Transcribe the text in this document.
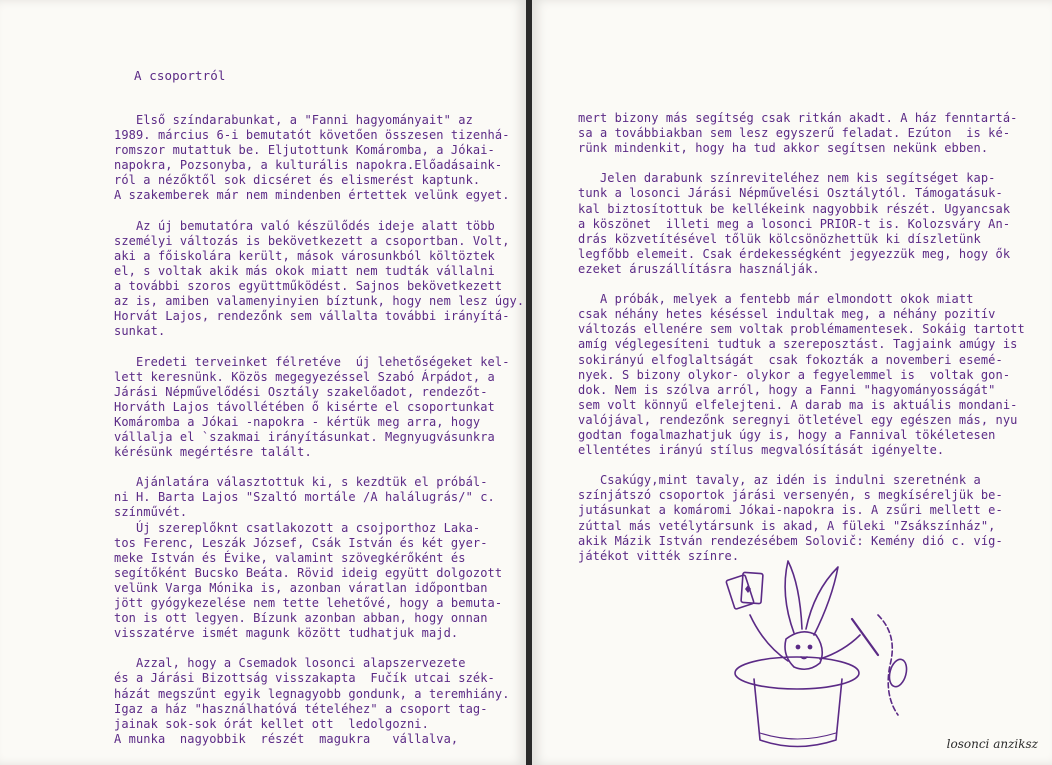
A csoportról
Első színdarabunkat, a "Fanni hagyományait" az
1989. március 6-i bemutatót követően összesen tizenhá-
romszor mutattuk be. Eljutottunk Komáromba, a Jókai-
napokra, Pozsonyba, a kulturális napokra.Előadásaink-
ról a nézőktől sok dicséret és elismerést kaptunk.
A szakemberek már nem mindenben értettek velünk egyet.
Az új bemutatóra való készülődés ideje alatt több
személyi változás is bekövetkezett a csoportban. Volt,
aki a főiskolára került, mások városunkból költöztek
el, s voltak akik más okok miatt nem tudták vállalni
a további szoros együttműködést. Sajnos bekövetkezett
az is, amiben valamenyinyien bíztunk, hogy nem lesz úgy.
Horvát Lajos, rendezőnk sem vállalta további irányítá-
sunkat.
Eredeti terveinket félretéve  új lehetőségeket kel-
lett keresnünk. Közös megegyezéssel Szabó Árpádot, a
Járási Népművelődési Osztály szakelőadot, rendezőt-
Horváth Lajos távollétében ő kisérte el csoportunkat
Komáromba a Jókai -napokra - kértük meg arra, hogy
vállalja el `szakmai irányításunkat. Megnyugvásunkra
kérésünk megértésre talált.
Ajánlatára választottuk ki, s kezdtük el próbál-
ni H. Barta Lajos "Szaltó mortále /A halálugrás/" c.
színművét.
Új szereplőknt csatlakozott a csojporthoz Laka-
tos Ferenc, Leszák József, Csák István és két gyer-
meke István és Évike, valamint szövegkérőként és
segítőként Bucsko Beáta. Rövid ideig együtt dolgozott
velünk Varga Mónika is, azonban váratlan időpontban
jött gyógykezelése nem tette lehetővé, hogy a bemuta-
ton is ott legyen. Bízunk azonban abban, hogy onnan
visszatérve ismét magunk között tudhatjuk majd.
Azzal, hogy a Csemadok losonci alapszervezete
és a Járási Bizottság visszakapta  Fučík utcai szék-
házát megszűnt egyik legnagyobb gondunk, a teremhiány.
Igaz a ház "használhatóvá tételéhez" a csoport tag-
jainak sok-sok órát kellet ott  ledolgozni.
A munka  nagyobbik  részét  magukra   vállalva,
mert bizony más segítség csak ritkán akadt. A ház fenntartá-
sa a továbbiakban sem lesz egyszerű feladat. Ezúton  is ké-
rünk mindenkit, hogy ha tud akkor segítsen nekünk ebben.
Jelen darabunk színreviteléhez nem kis segítséget kap-
tunk a losonci Járási Népművelési Osztálytól. Támogatásuk-
kal biztosítottuk be kellékeink nagyobbik részét. Ugyancsak
a köszönet  illeti meg a losonci PRIOR-t is. Kolozsváry An-
drás közvetítésével tőlük kölcsönözhettük ki díszletünk
legfőbb elemeit. Csak érdekességként jegyezzük meg, hogy ők
ezeket áruszállításra használják.
A próbák, melyek a fentebb már elmondott okok miatt
csak néhány hetes késéssel indultak meg, a néhány pozitív
változás ellenére sem voltak problémamentesek. Sokáig tartott
amíg véglegesíteni tudtuk a szereposztást. Tagjaink amúgy is
sokirányú elfoglaltságát  csak fokozták a novemberi esemé-
nyek. S bizony olykor- olykor a fegyelemmel is  voltak gon-
dok. Nem is szólva arról, hogy a Fanni "hagyományosságát"
sem volt könnyű elfelejteni. A darab ma is aktuális mondani-
valójával, rendezőnk seregnyi ötletével egy egészen más, nyu
godtan fogalmazhatjuk úgy is, hogy a Fannival tökéletesen
ellentétes irányú stílus megvalósítását igényelte.
Csakúgy,mint tavaly, az idén is indulni szeretnénk a
színjátszó csoportok járási versenyén, s megkíséreljük be-
jutásunkat a komáromi Jókai-napokra is. A zsűri mellett e-
zúttal más vetélytársunk is akad, A füleki "Zsákszínház",
akik Mázik István rendezésébem Solovič: Kemény dió c. víg-
játékot vitték színre.
losonci anziksz
